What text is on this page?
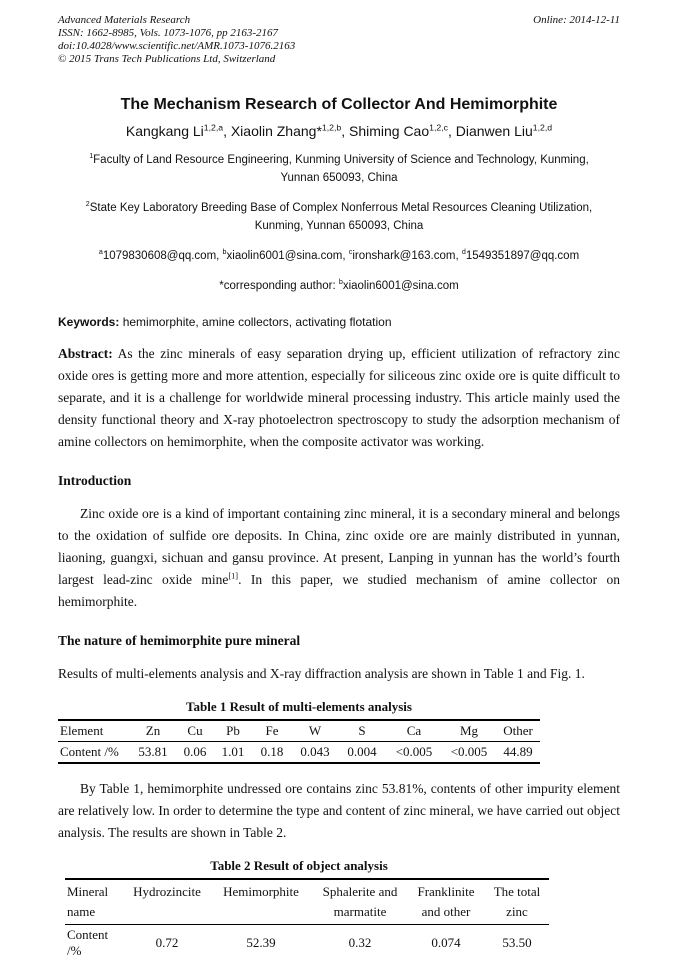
Advanced Materials Research
ISSN: 1662-8985, Vols. 1073-1076, pp 2163-2167
doi:10.4028/www.scientific.net/AMR.1073-1076.2163
© 2015 Trans Tech Publications Ltd, Switzerland
Online: 2014-12-11
The Mechanism Research of Collector And Hemimorphite
Kangkang Li$^{1,2,a}$, Xiaolin Zhang*$^{1,2,b}$, Shiming Cao$^{1,2,c}$, Dianwen Liu$^{1,2,d}$
$^1$Faculty of Land Resource Engineering, Kunming University of Science and Technology, Kunming, Yunnan 650093, China
$^2$State Key Laboratory Breeding Base of Complex Nonferrous Metal Resources Cleaning Utilization, Kunming, Yunnan 650093, China
$^a$1079830608@qq.com, $^b$xiaolin6001@sina.com, $^c$ironshark@163.com, $^d$1549351897@qq.com
*corresponding author: $^b$xiaolin6001@sina.com
Keywords: hemimorphite, amine collectors, activating flotation

Abstract: As the zinc minerals of easy separation drying up, efficient utilization of refractory zinc oxide ores is getting more and more attention, especially for siliceous zinc oxide ore is quite difficult to separate, and it is a challenge for worldwide mineral processing industry. This article mainly used the density functional theory and X-ray photoelectron spectroscopy to study the adsorption mechanism of amine collectors on hemimorphite, when the composite activator was working.

Introduction

Zinc oxide ore is a kind of important containing zinc mineral, it is a secondary mineral and belongs to the oxidation of sulfide ore deposits. In China, zinc oxide ore are mainly distributed in yunnan, liaoning, guangxi, sichuan and gansu province. At present, Lanping in yunnan has the world’s fourth largest lead-zinc oxide mine[1]. In this paper, we studied mechanism of amine collector on hemimorphite.

The nature of hemimorphite pure mineral

Results of multi-elements analysis and X-ray diffraction analysis are shown in Table 1 and Fig. 1.

Table 1 Result of multi-elements analysis
Element	Zn	Cu	Pb	Fe	W	S	Ca	Mg	Other
Content /%	53.81	0.06	1.01	0.18	0.043	0.004	<0.005	<0.005	44.89

By Table 1, hemimorphite undressed ore contains zinc 53.81%, contents of other impurity element are relatively low. In order to determine the type and content of zinc mineral, we have carried out object analysis. The results are shown in Table 2.

Table 2 Result of object analysis
Mineral name	Hydrozincite	Hemimorphite	Sphalerite and marmatite	Franklinite and other	The total zinc
Content /%	0.72	52.39	0.32	0.074	53.50
